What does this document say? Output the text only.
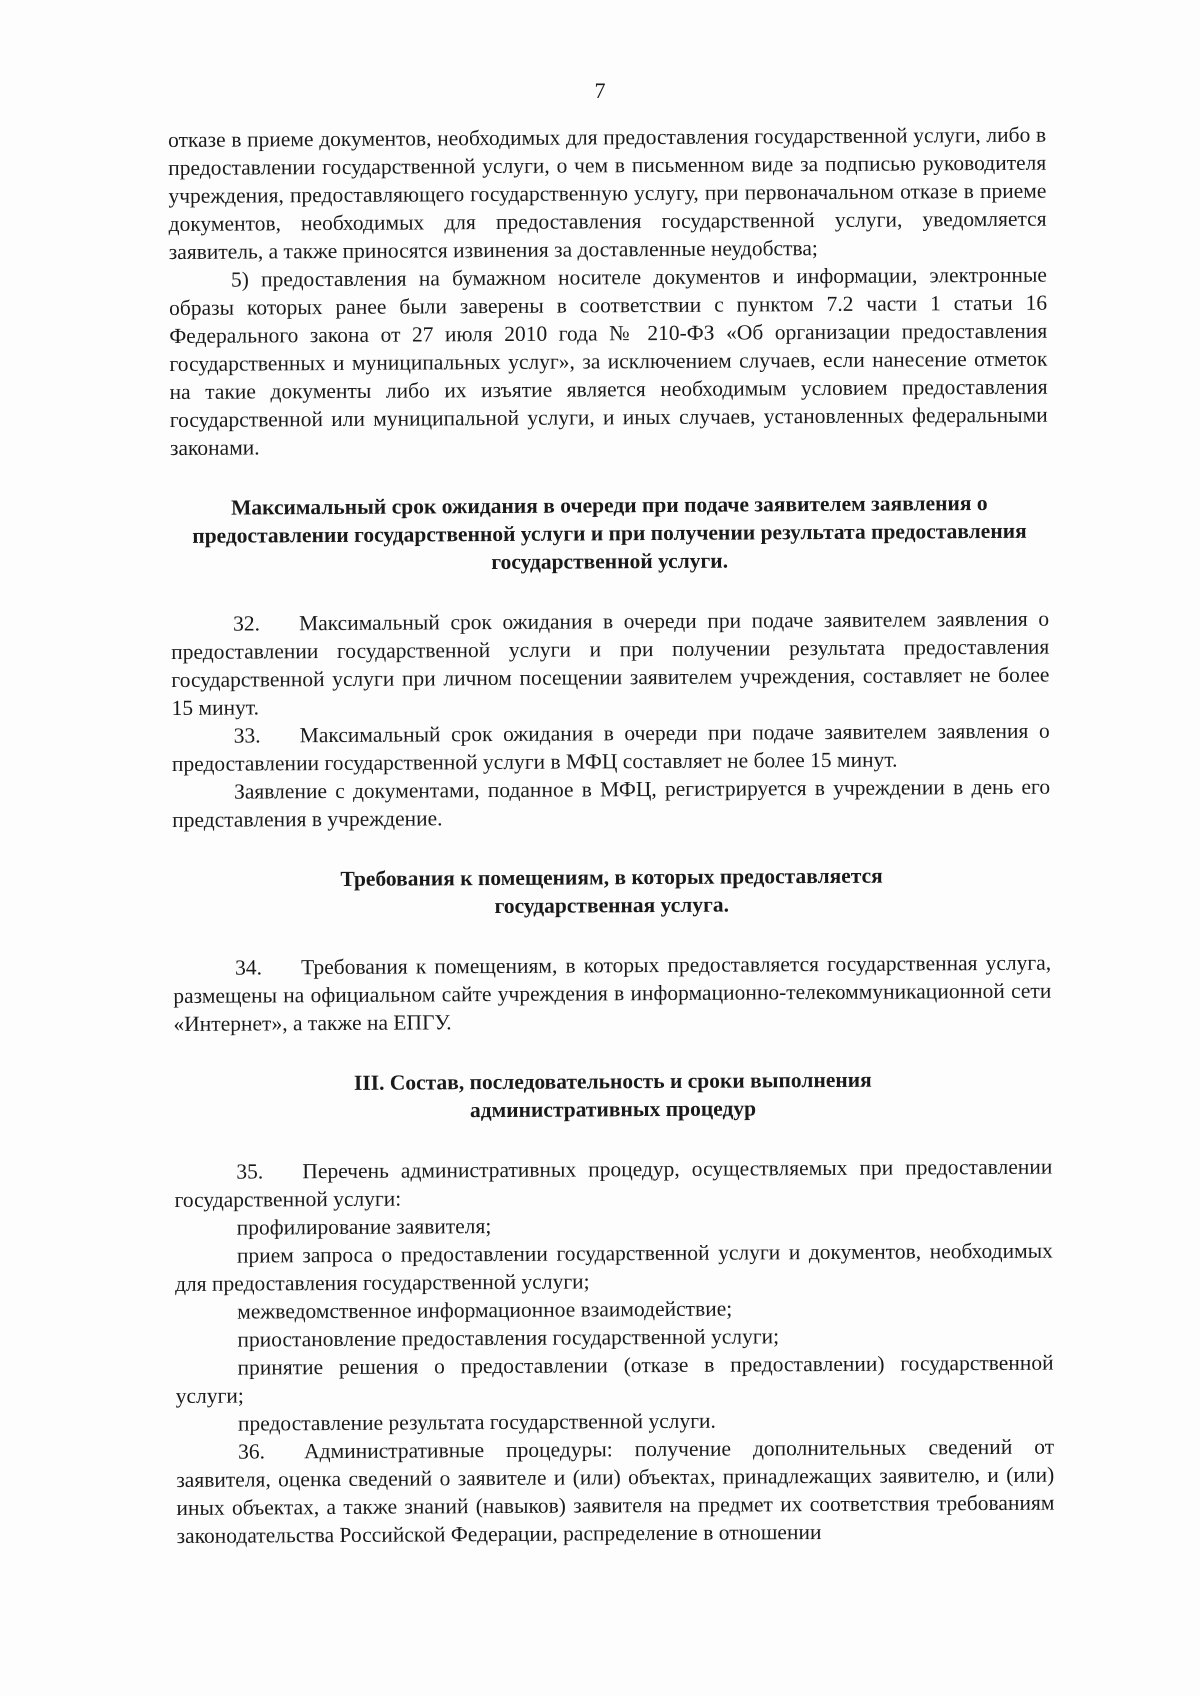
7

отказе в приеме документов, необходимых для предоставления государственной услуги, либо в предоставлении государственной услуги, о чем в письменном виде за подписью руководителя учреждения, предоставляющего государственную услугу, при первоначальном отказе в приеме документов, необходимых для предоставления государственной услуги, уведомляется заявитель, а также приносятся извинения за доставленные неудобства;

5) предоставления на бумажном носителе документов и информации, электронные образы которых ранее были заверены в соответствии с пунктом 7.2 части 1 статьи 16 Федерального закона от 27 июля 2010 года № 210-ФЗ «Об организации предоставления государственных и муниципальных услуг», за исключением случаев, если нанесение отметок на такие документы либо их изъятие является необходимым условием предоставления государственной или муниципальной услуги, и иных случаев, установленных федеральными законами.

Максимальный срок ожидания в очереди при подаче заявителем заявления о предоставлении государственной услуги и при получении результата предоставления государственной услуги.

32. Максимальный срок ожидания в очереди при подаче заявителем заявления о предоставлении государственной услуги и при получении результата предоставления государственной услуги при личном посещении заявителем учреждения, составляет не более 15 минут.

33. Максимальный срок ожидания в очереди при подаче заявителем заявления о предоставлении государственной услуги в МФЦ составляет не более 15 минут.

Заявление с документами, поданное в МФЦ, регистрируется в учреждении в день его представления в учреждение.

Требования к помещениям, в которых предоставляется государственная услуга.

34. Требования к помещениям, в которых предоставляется государственная услуга, размещены на официальном сайте учреждения в информационно-телекоммуникационной сети «Интернет», а также на ЕПГУ.

III. Состав, последовательность и сроки выполнения административных процедур

35. Перечень административных процедур, осуществляемых при предоставлении государственной услуги:

профилирование заявителя;

прием запроса о предоставлении государственной услуги и документов, необходимых для предоставления государственной услуги;

межведомственное информационное взаимодействие;

приостановление предоставления государственной услуги;

принятие решения о предоставлении (отказе в предоставлении) государственной услуги;

предоставление результата государственной услуги.

36. Административные процедуры: получение дополнительных сведений от заявителя, оценка сведений о заявителе и (или) объектах, принадлежащих заявителю, и (или) иных объектах, а также знаний (навыков) заявителя на предмет их соответствия требованиям законодательства Российской Федерации, распределение в отношении
